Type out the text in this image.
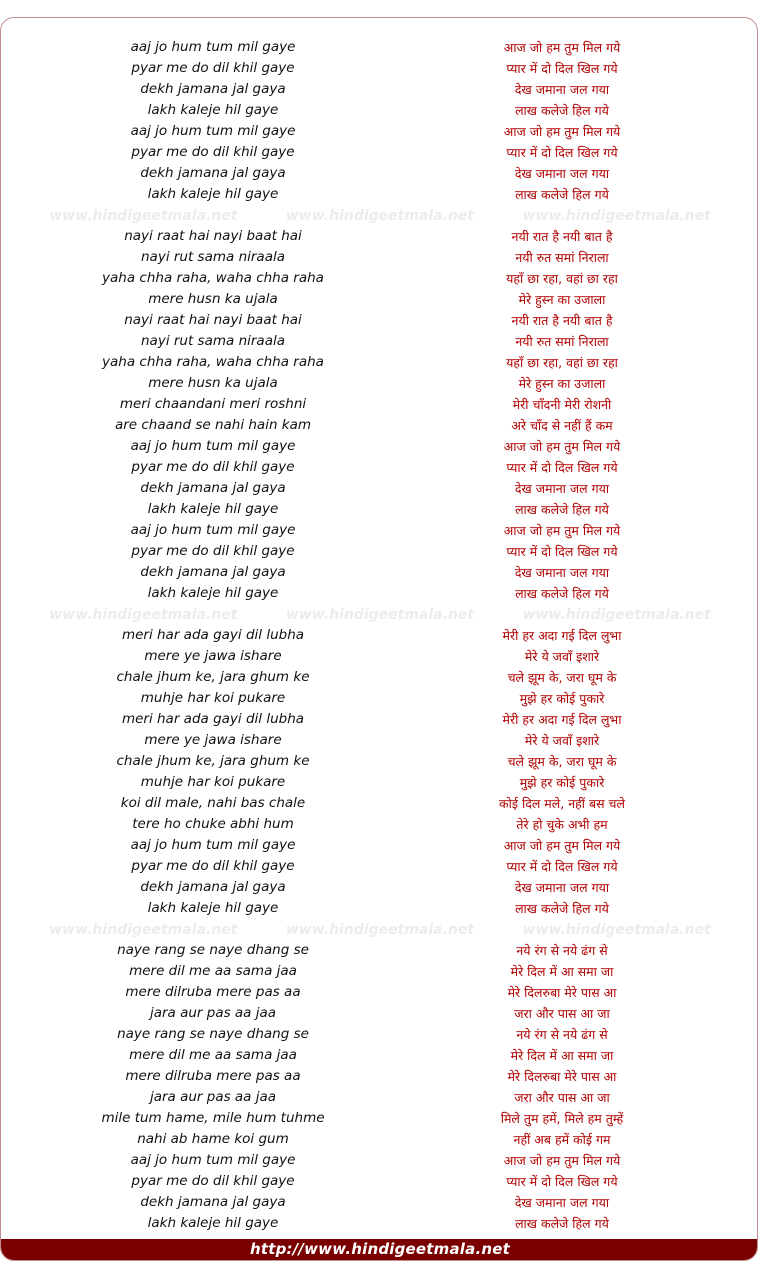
aaj jo hum tum mil gaye	आज जो हम तुम मिल गये
pyar me do dil khil gaye	प्यार में दो दिल खिल गये
dekh jamana jal gaya	देख जमाना जल गया
lakh kaleje hil gaye	लाख कलेजे हिल गये
aaj jo hum tum mil gaye	आज जो हम तुम मिल गये
pyar me do dil khil gaye	प्यार में दो दिल खिल गये
dekh jamana jal gaya	देख जमाना जल गया
lakh kaleje hil gaye	लाख कलेजे हिल गये
www.hindigeetmala.net	www.hindigeetmala.net	www.hindigeetmala.net
nayi raat hai nayi baat hai	नयी रात है नयी बात है
nayi rut sama niraala	नयी रुत समां निराला
yaha chha raha, waha chha raha	यहाँ छा रहा, वहां छा रहा
mere husn ka ujala	मेरे हुस्न का उजाला
nayi raat hai nayi baat hai	नयी रात है नयी बात है
nayi rut sama niraala	नयी रुत समां निराला
yaha chha raha, waha chha raha	यहाँ छा रहा, वहां छा रहा
mere husn ka ujala	मेरे हुस्न का उजाला
meri chaandani meri roshni	मेरी चाँदनी मेरी रोशनी
are chaand se nahi hain kam	अरे चाँद से नहीं हैं कम
aaj jo hum tum mil gaye	आज जो हम तुम मिल गये
pyar me do dil khil gaye	प्यार में दो दिल खिल गये
dekh jamana jal gaya	देख जमाना जल गया
lakh kaleje hil gaye	लाख कलेजे हिल गये
aaj jo hum tum mil gaye	आज जो हम तुम मिल गये
pyar me do dil khil gaye	प्यार में दो दिल खिल गये
dekh jamana jal gaya	देख जमाना जल गया
lakh kaleje hil gaye	लाख कलेजे हिल गये
www.hindigeetmala.net	www.hindigeetmala.net	www.hindigeetmala.net
meri har ada gayi dil lubha	मेरी हर अदा गई दिल लुभा
mere ye jawa ishare	मेरे ये जवाँ इशारे
chale jhum ke, jara ghum ke	चले झूम के, जरा घूम के
muhje har koi pukare	मुझे हर कोई पुकारे
meri har ada gayi dil lubha	मेरी हर अदा गई दिल लुभा
mere ye jawa ishare	मेरे ये जवाँ इशारे
chale jhum ke, jara ghum ke	चले झूम के, जरा घूम के
muhje har koi pukare	मुझे हर कोई पुकारे
koi dil male, nahi bas chale	कोई दिल मले, नहीं बस चले
tere ho chuke abhi hum	तेरे हो चुके अभी हम
aaj jo hum tum mil gaye	आज जो हम तुम मिल गये
pyar me do dil khil gaye	प्यार में दो दिल खिल गये
dekh jamana jal gaya	देख जमाना जल गया
lakh kaleje hil gaye	लाख कलेजे हिल गये
www.hindigeetmala.net	www.hindigeetmala.net	www.hindigeetmala.net
naye rang se naye dhang se	नये रंग से नये ढंग से
mere dil me aa sama jaa	मेरे दिल में आ समा जा
mere dilruba mere pas aa	मेरे दिलरुबा मेरे पास आ
jara aur pas aa jaa	जरा और पास आ जा
naye rang se naye dhang se	नये रंग से नये ढंग से
mere dil me aa sama jaa	मेरे दिल में आ समा जा
mere dilruba mere pas aa	मेरे दिलरुबा मेरे पास आ
jara aur pas aa jaa	जरा और पास आ जा
mile tum hame, mile hum tuhme	मिले तुम हमें, मिले हम तुम्हें
nahi ab hame koi gum	नहीं अब हमें कोई गम
aaj jo hum tum mil gaye	आज जो हम तुम मिल गये
pyar me do dil khil gaye	प्यार में दो दिल खिल गये
dekh jamana jal gaya	देख जमाना जल गया
lakh kaleje hil gaye	लाख कलेजे हिल गये
http://www.hindigeetmala.net
